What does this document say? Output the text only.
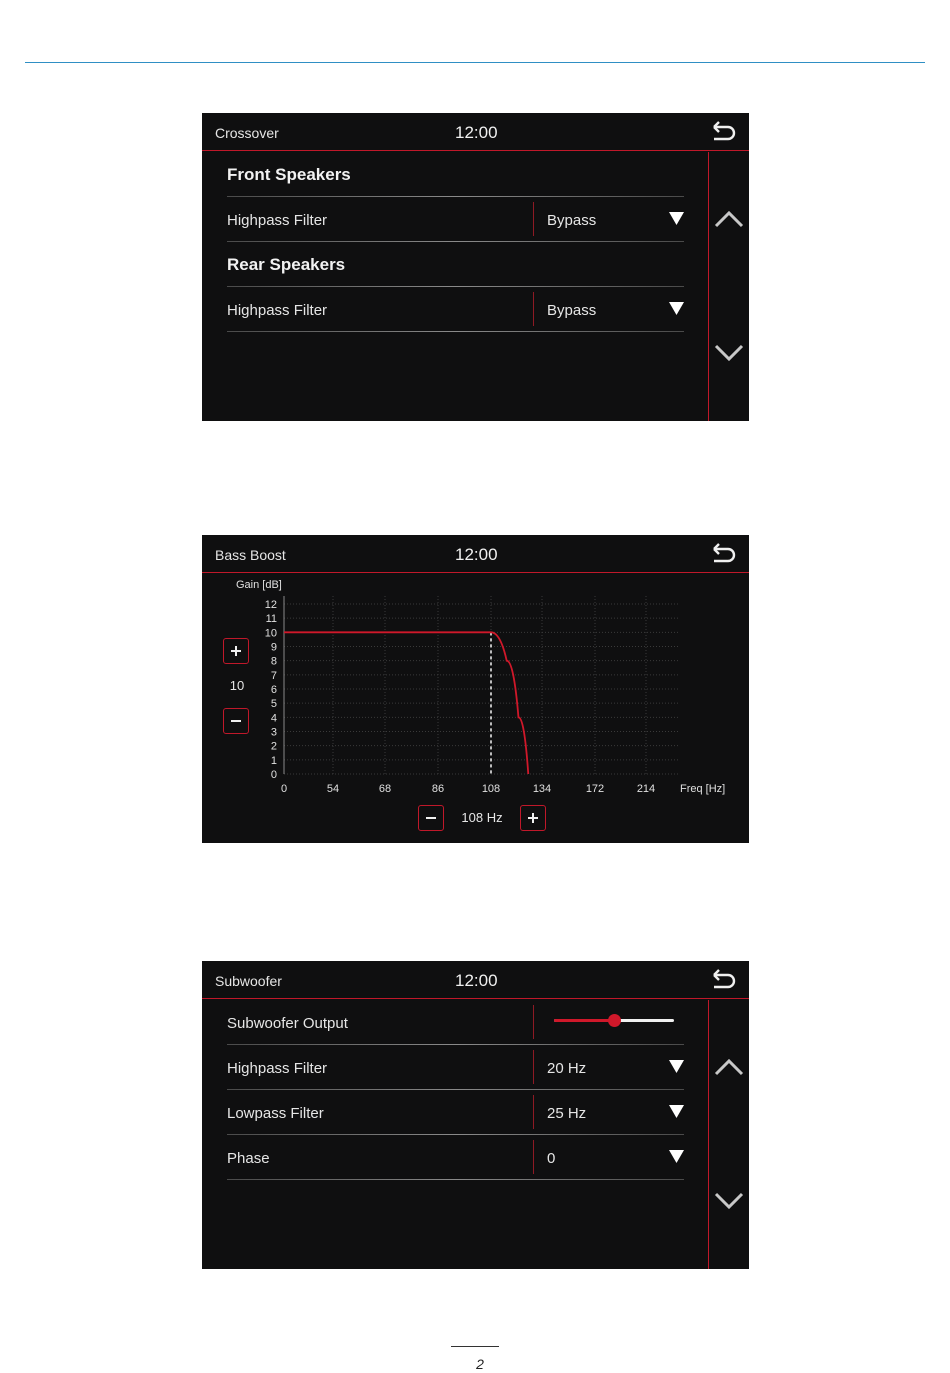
Crossover	12:00
Front Speakers
Highpass Filter	Bypass
Rear Speakers
Highpass Filter	Bypass
Bass Boost	12:00
Gain [dB]
Freq [Hz]
0
1
2
3
4
5
6
7
8
9
10
11
12
0	54	68	86	108	134	172	214
10
108 Hz
Subwoofer	12:00
Subwoofer Output
Highpass Filter	20 Hz
Lowpass Filter	25 Hz
Phase	0
2
